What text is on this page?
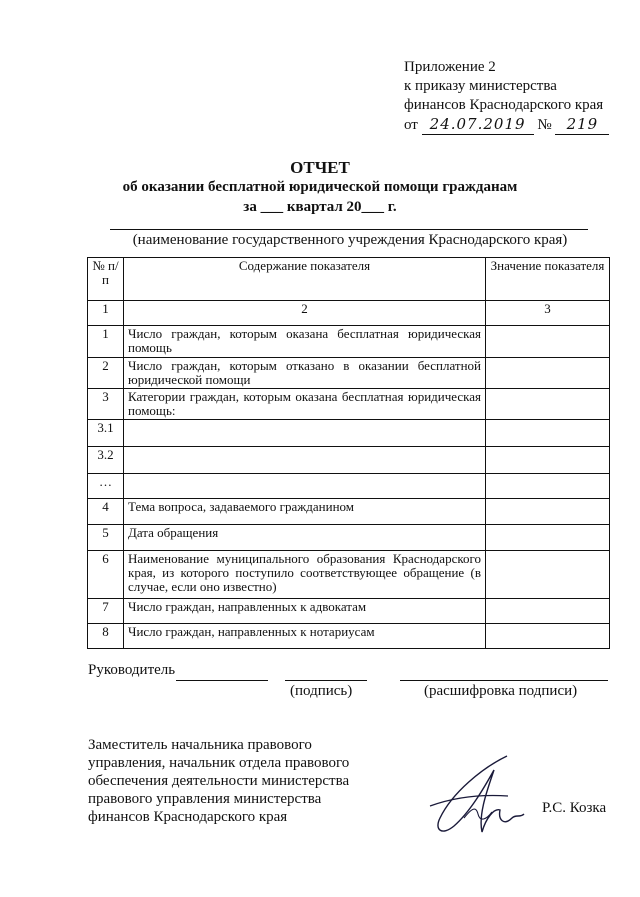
Приложение 2
к приказу министерства
финансов Краснодарского края
от 24.07.2019 № 219
ОТЧЕТ
об оказании бесплатной юридической помощи гражданам
за ___ квартал 20___ г.
(наименование государственного учреждения Краснодарского края)
№ п/п	Содержание показателя	Значение показателя
1	2	3
1	Число граждан, которым оказана бесплатная юридическая помощь	
2	Число граждан, которым отказано в оказании бесплатной юридической помощи	
3	Категории граждан, которым оказана бесплатная юридическая помощь:	
3.1		
3.2		
…		
4	Тема вопроса, задаваемого гражданином	
5	Дата обращения	
6	Наименование муниципального образования Краснодарского края, из которого поступило соответствующее обращение (в случае, если оно известно)	
7	Число граждан, направленных к адвокатам	
8	Число граждан, направленных к нотариусам	
Руководитель
(подпись)	(расшифровка подписи)
Заместитель начальника правового
управления, начальник отдела правового
обеспечения деятельности министерства
правового управления министерства
финансов Краснодарского края
Р.С. Козка
